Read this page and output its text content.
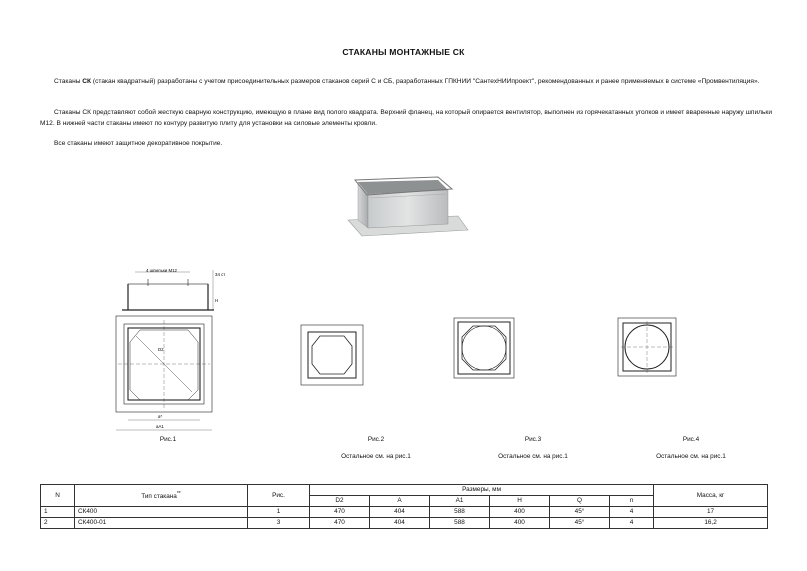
СТАКАНЫ МОНТАЖНЫЕ СК
Стаканы СК (стакан квадратный) разработаны с учетом присоединительных размеров стаканов серий С и СБ, разработанных ГПКНИИ "СантехНИИпроект", рекомендованных и ранее применяемых в системе «Промвентиляция».
Стаканы СК представляют собой жесткую сварную конструкцию, имеющую в плане вид полого квадрата. Верхний фланец, на который опирается вентилятор, выполнен из горячекатанных уголков и имеет вваренные наружу шпильки М12. В нижней части стаканы имеют по контуру развитую плиту для установки на силовые элементы кровли.
Все стаканы имеют защитное декоративное покрытие.
4 шпильки М12
H
34 ст
D2
a*
aA1
Рис.1	Рис.2
Остальное см. на рис.1
Рис.3
Остальное см. на рис.1
Рис.4
Остальное см. на рис.1
N	Тип стакана**	Рис.	Размеры, мм						Масса, кг
			D2	A	A1	H	Q	n	
1	СК400	1	470	404	588	400	45°	4	17
2	СК400-01	3	470	404	588	400	45°	4	16,2
